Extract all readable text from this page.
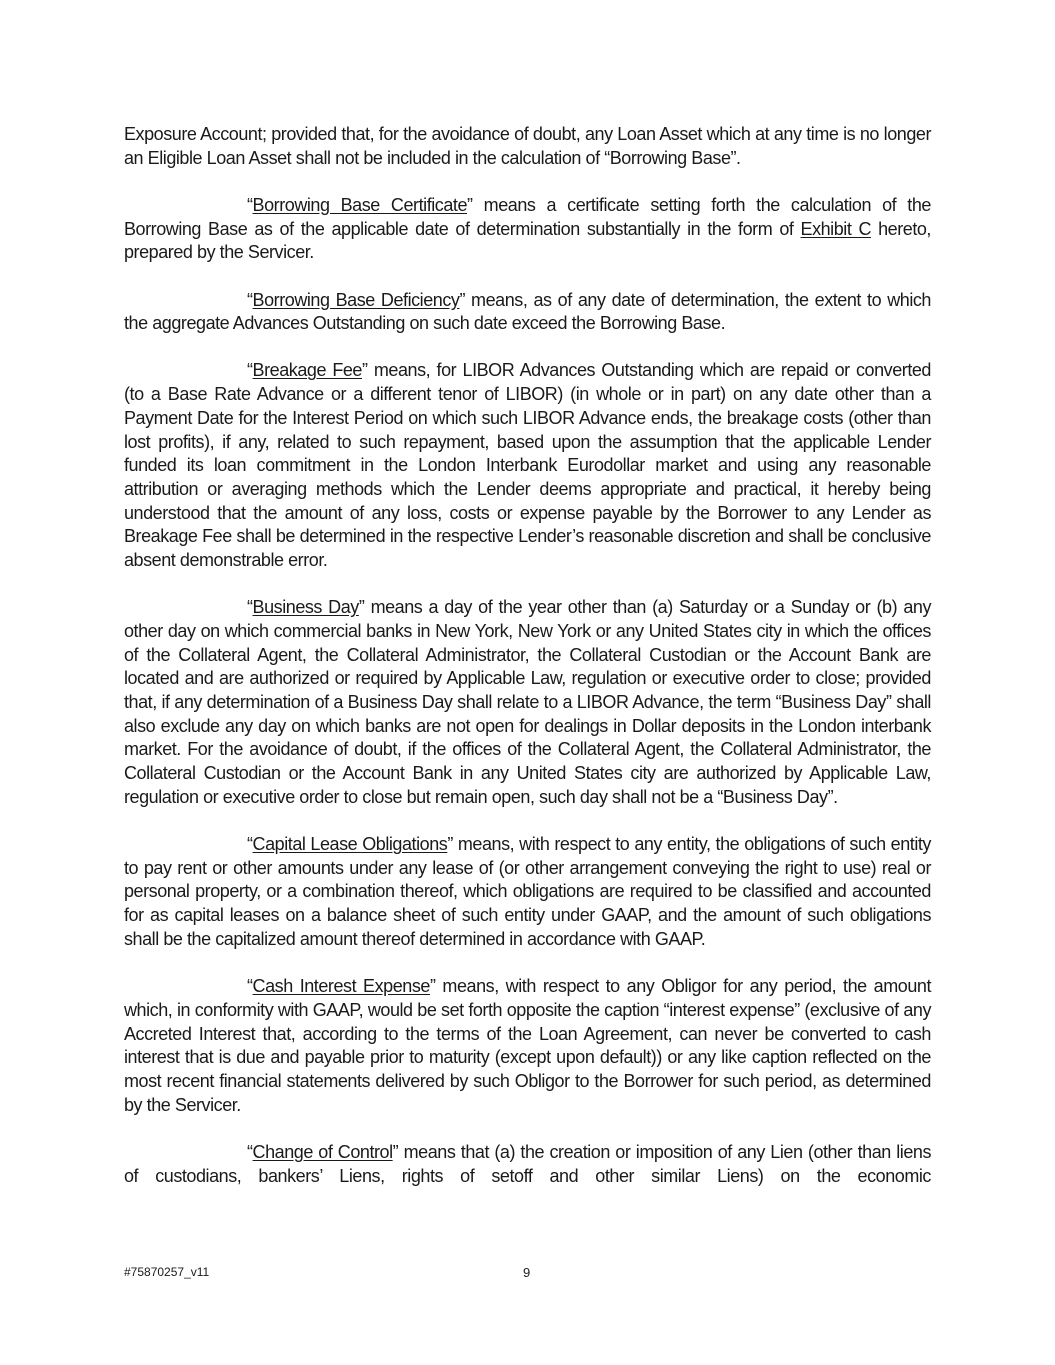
Exposure Account; provided that, for the avoidance of doubt, any Loan Asset which at any time is no longer an Eligible Loan Asset shall not be included in the calculation of “Borrowing Base”.

“Borrowing Base Certificate” means a certificate setting forth the calculation of the Borrowing Base as of the applicable date of determination substantially in the form of Exhibit C hereto, prepared by the Servicer.

“Borrowing Base Deficiency” means, as of any date of determination, the extent to which the aggregate Advances Outstanding on such date exceed the Borrowing Base.

“Breakage Fee” means, for LIBOR Advances Outstanding which are repaid or converted (to a Base Rate Advance or a different tenor of LIBOR) (in whole or in part) on any date other than a Payment Date for the Interest Period on which such LIBOR Advance ends, the breakage costs (other than lost profits), if any, related to such repayment, based upon the assumption that the applicable Lender funded its loan commitment in the London Interbank Eurodollar market and using any reasonable attribution or averaging methods which the Lender deems appropriate and practical, it hereby being understood that the amount of any loss, costs or expense payable by the Borrower to any Lender as Breakage Fee shall be determined in the respective Lender’s reasonable discretion and shall be conclusive absent demonstrable error.

“Business Day” means a day of the year other than (a) Saturday or a Sunday or (b) any other day on which commercial banks in New York, New York or any United States city in which the offices of the Collateral Agent, the Collateral Administrator, the Collateral Custodian or the Account Bank are located and are authorized or required by Applicable Law, regulation or executive order to close; provided that, if any determination of a Business Day shall relate to a LIBOR Advance, the term “Business Day” shall also exclude any day on which banks are not open for dealings in Dollar deposits in the London interbank market. For the avoidance of doubt, if the offices of the Collateral Agent, the Collateral Administrator, the Collateral Custodian or the Account Bank in any United States city are authorized by Applicable Law, regulation or executive order to close but remain open, such day shall not be a “Business Day”.

“Capital Lease Obligations” means, with respect to any entity, the obligations of such entity to pay rent or other amounts under any lease of (or other arrangement conveying the right to use) real or personal property, or a combination thereof, which obligations are required to be classified and accounted for as capital leases on a balance sheet of such entity under GAAP, and the amount of such obligations shall be the capitalized amount thereof determined in accordance with GAAP.

“Cash Interest Expense” means, with respect to any Obligor for any period, the amount which, in conformity with GAAP, would be set forth opposite the caption “interest expense” (exclusive of any Accreted Interest that, according to the terms of the Loan Agreement, can never be converted to cash interest that is due and payable prior to maturity (except upon default)) or any like caption reflected on the most recent financial statements delivered by such Obligor to the Borrower for such period, as determined by the Servicer.

“Change of Control” means that (a) the creation or imposition of any Lien (other than liens of custodians, bankers’ Liens, rights of setoff and other similar Liens) on the economic

#75870257_v11	9
